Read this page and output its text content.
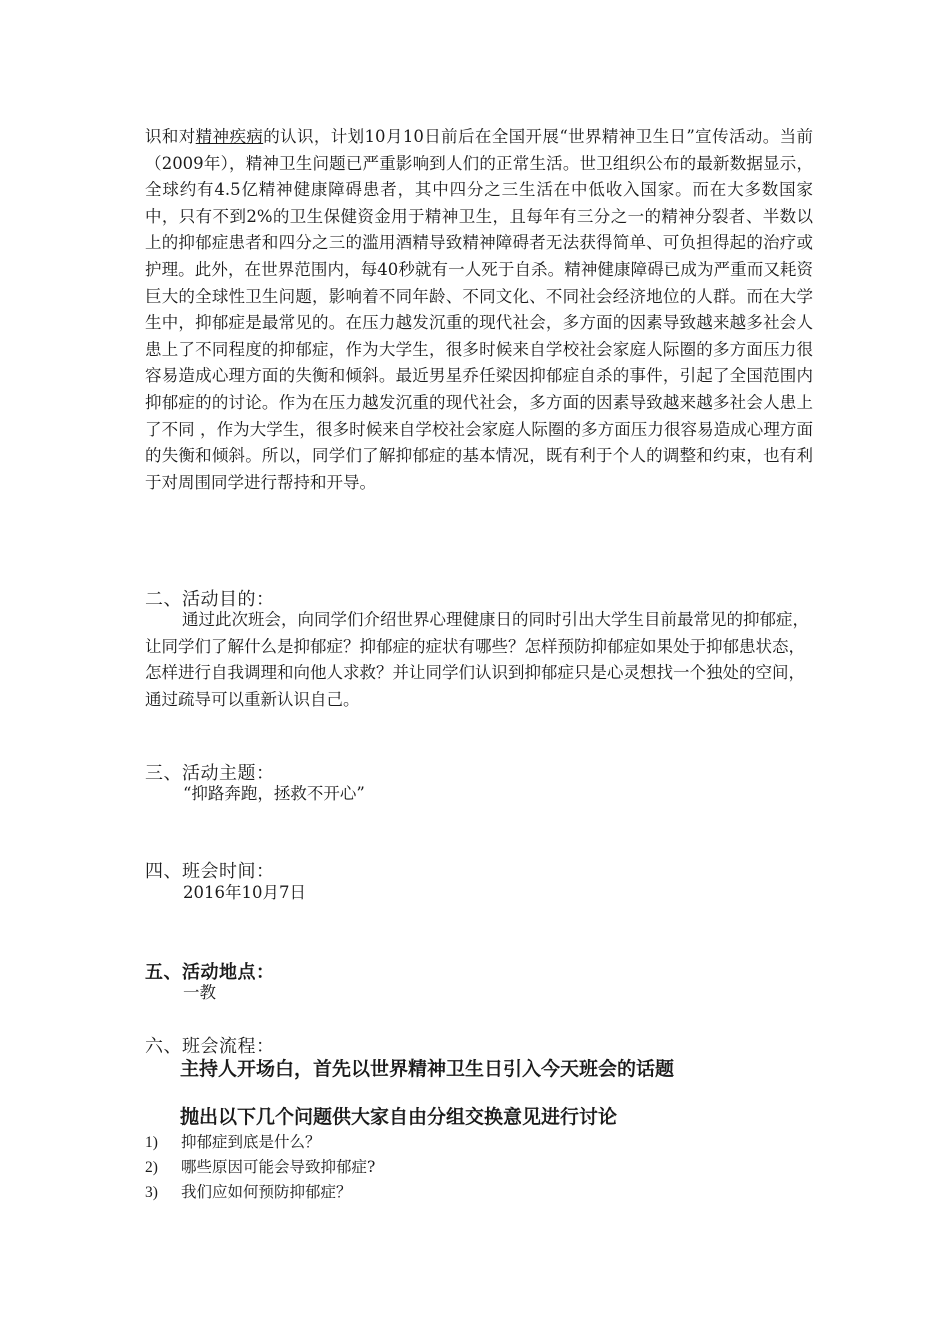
识和对精神疾病的认识，计划10月10日前后在全国开展“世界精神卫生日”宣传活动。当前（2009年），精神卫生问题已严重影响到人们的正常生活。世卫组织公布的最新数据显示，全球约有4.5亿精神健康障碍患者，其中四分之三生活在中低收入国家。而在大多数国家中，只有不到2%的卫生保健资金用于精神卫生，且每年有三分之一的精神分裂者、半数以上的抑郁症患者和四分之三的滥用酒精导致精神障碍者无法获得简单、可负担得起的治疗或护理。此外，在世界范围内，每40秒就有一人死于自杀。精神健康障碍已成为严重而又耗资巨大的全球性卫生问题，影响着不同年龄、不同文化、不同社会经济地位的人群。而在大学生中，抑郁症是最常见的。在压力越发沉重的现代社会，多方面的因素导致越来越多社会人患上了不同程度的抑郁症，作为大学生，很多时候来自学校社会家庭人际圈的多方面压力很容易造成心理方面的失衡和倾斜。最近男星乔任梁因抑郁症自杀的事件，引起了全国范围内抑郁症的的讨论。作为在压力越发沉重的现代社会，多方面的因素导致越来越多社会人患上了不同 ，作为大学生，很多时候来自学校社会家庭人际圈的多方面压力很容易造成心理方面的失衡和倾斜。所以，同学们了解抑郁症的基本情况，既有利于个人的调整和约束，也有利于对周围同学进行帮持和开导。

二、活动目的：

通过此次班会，向同学们介绍世界心理健康日的同时引出大学生目前最常见的抑郁症，让同学们了解什么是抑郁症？抑郁症的症状有哪些？怎样预防抑郁症如果处于抑郁患状态，怎样进行自我调理和向他人求救？并让同学们认识到抑郁症只是心灵想找一个独处的空间，通过疏导可以重新认识自己。

三、活动主题：

“抑路奔跑，拯救不开心”

四、班会时间：

2016年10月7日

五、活动地点：

一教

六、班会流程：

主持人开场白，首先以世界精神卫生日引入今天班会的话题

抛出以下几个问题供大家自由分组交换意见进行讨论

1)	抑郁症到底是什么？
2)	哪些原因可能会导致抑郁症?
3)	我们应如何预防抑郁症？
